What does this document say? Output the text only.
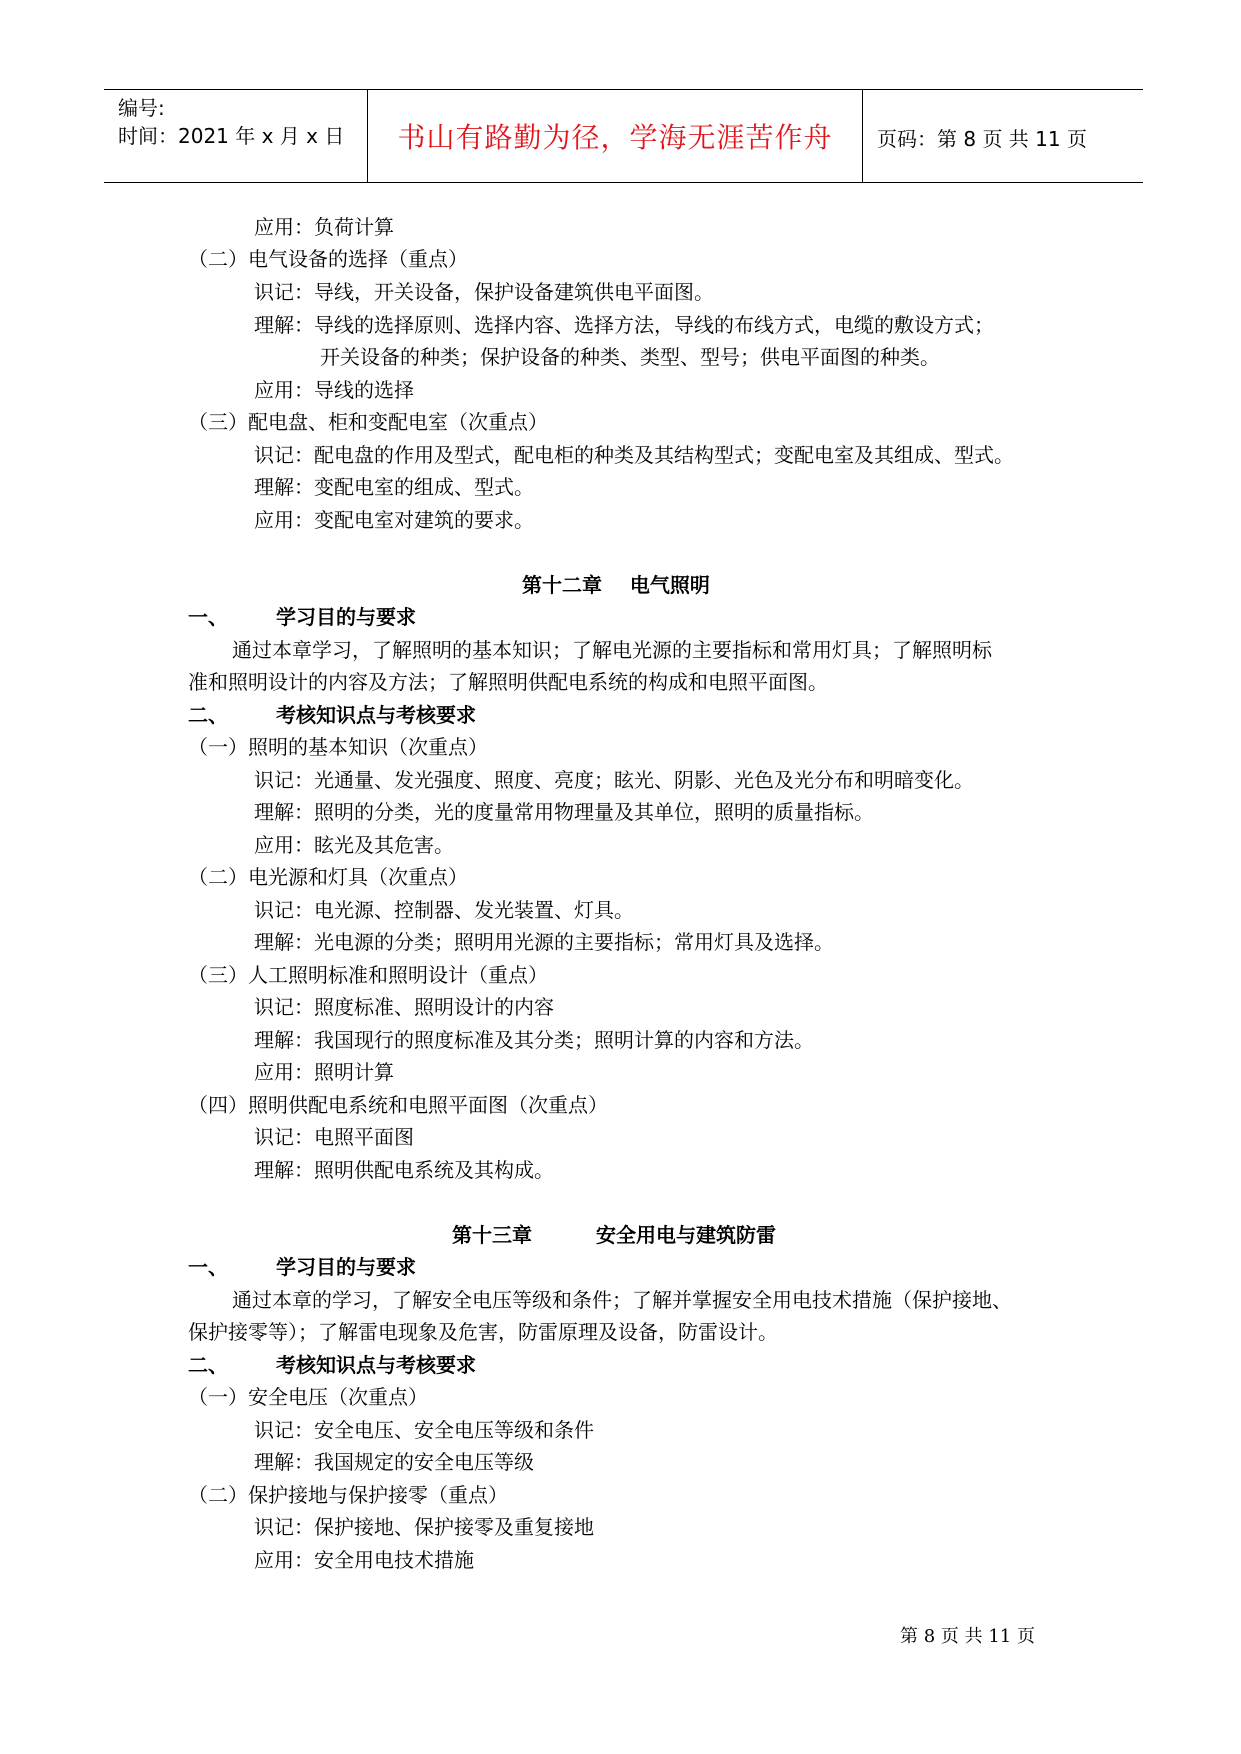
编号:
时间：2021 年 x 月 x 日	书山有路勤为径，学海无涯苦作舟	页码：第 8 页 共 11 页
应用：负荷计算
（二）电气设备的选择（重点）
识记：导线，开关设备，保护设备建筑供电平面图。
理解：导线的选择原则、选择内容、选择方法，导线的布线方式，电缆的敷设方式；
开关设备的种类；保护设备的种类、类型、型号；供电平面图的种类。
应用：导线的选择
（三）配电盘、柜和变配电室（次重点）
识记：配电盘的作用及型式，配电柜的种类及其结构型式；变配电室及其组成、型式。
理解：变配电室的组成、型式。
应用：变配电室对建筑的要求。
第十二章    电气照明
一、 学习目的与要求
通过本章学习，了解照明的基本知识；了解电光源的主要指标和常用灯具；了解照明标
准和照明设计的内容及方法；了解照明供配电系统的构成和电照平面图。
二、 考核知识点与考核要求
（一）照明的基本知识（次重点）
识记：光通量、发光强度、照度、亮度；眩光、阴影、光色及光分布和明暗变化。
理解：照明的分类，光的度量常用物理量及其单位，照明的质量指标。
应用：眩光及其危害。
（二）电光源和灯具（次重点）
识记：电光源、控制器、发光装置、灯具。
理解：光电源的分类；照明用光源的主要指标；常用灯具及选择。
（三）人工照明标准和照明设计（重点）
识记：照度标准、照明设计的内容
理解：我国现行的照度标准及其分类；照明计算的内容和方法。
应用：照明计算
（四）照明供配电系统和电照平面图（次重点）
识记：电照平面图
理解：照明供配电系统及其构成。
第十三章	安全用电与建筑防雷
一、 学习目的与要求
通过本章的学习，了解安全电压等级和条件；了解并掌握安全用电技术措施（保护接地、
保护接零等）；了解雷电现象及危害，防雷原理及设备，防雷设计。
二、 考核知识点与考核要求
（一）安全电压（次重点）
识记：安全电压、安全电压等级和条件
理解：我国规定的安全电压等级
（二）保护接地与保护接零（重点）
识记：保护接地、保护接零及重复接地
应用：安全用电技术措施
第 8 页 共 11 页
